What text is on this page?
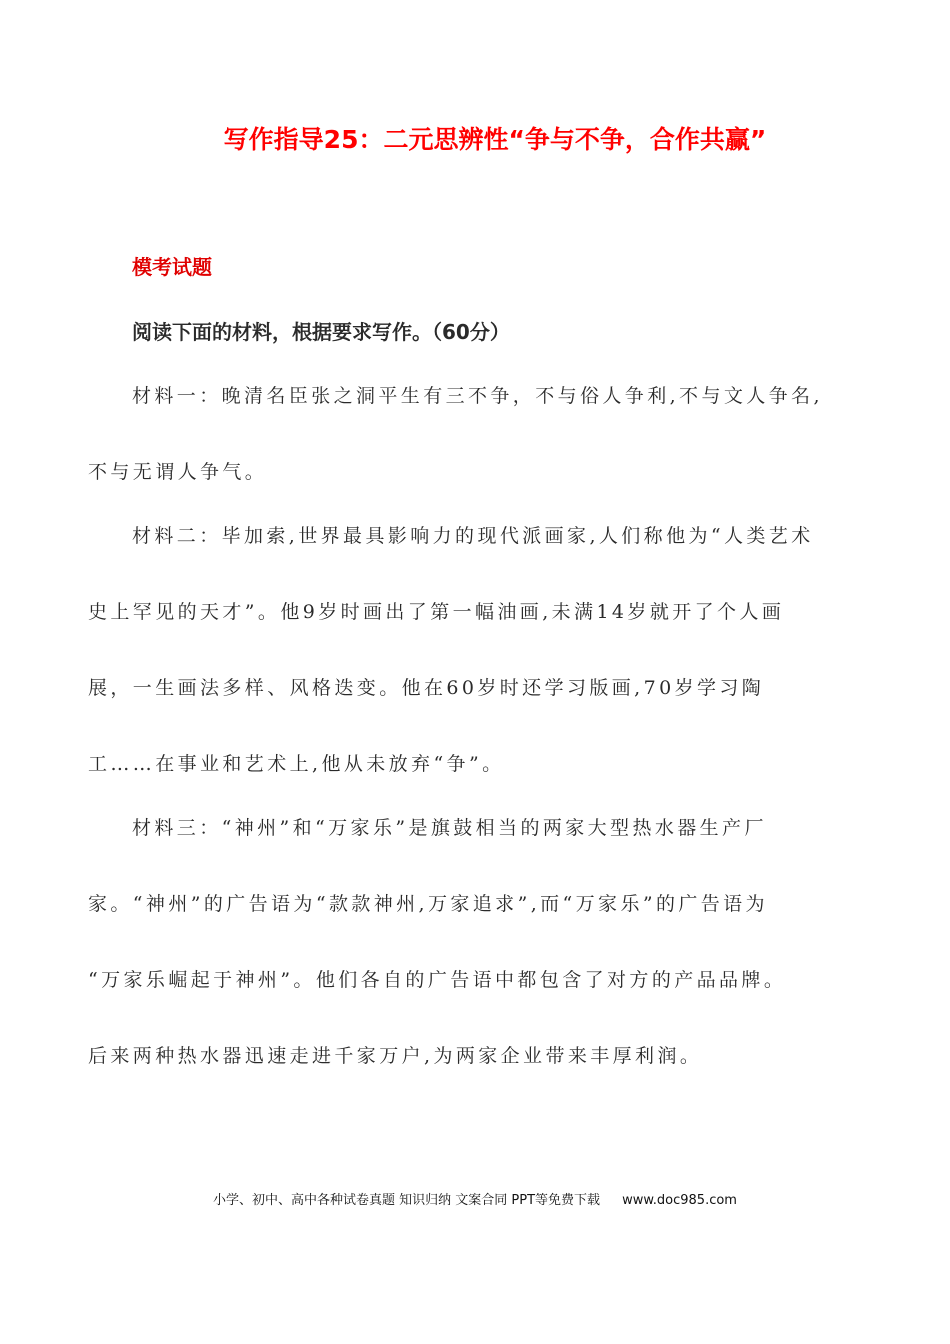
写作指导25：二元思辨性“争与不争，合作共赢”
模考试题
阅读下面的材料，根据要求写作。（60分）
材料一：晚清名臣张之洞平生有三不争，不与俗人争利,不与文人争名,
不与无谓人争气。
材料二：毕加索,世界最具影响力的现代派画家,人们称他为“人类艺术
史上罕见的天才”。他9岁时画出了第一幅油画,未满14岁就开了个人画
展，一生画法多样、风格迭变。他在60岁时还学习版画,70岁学习陶
工……在事业和艺术上,他从未放弃“争”。
材料三：“神州”和“万家乐”是旗鼓相当的两家大型热水器生产厂
家。“神州”的广告语为“款款神州,万家追求”,而“万家乐”的广告语为
“万家乐崛起于神州”。他们各自的广告语中都包含了对方的产品品牌。
后来两种热水器迅速走进千家万户,为两家企业带来丰厚利润。
小学、初中、高中各种试卷真题 知识归纳 文案合同 PPT等免费下载 www.doc985.com
